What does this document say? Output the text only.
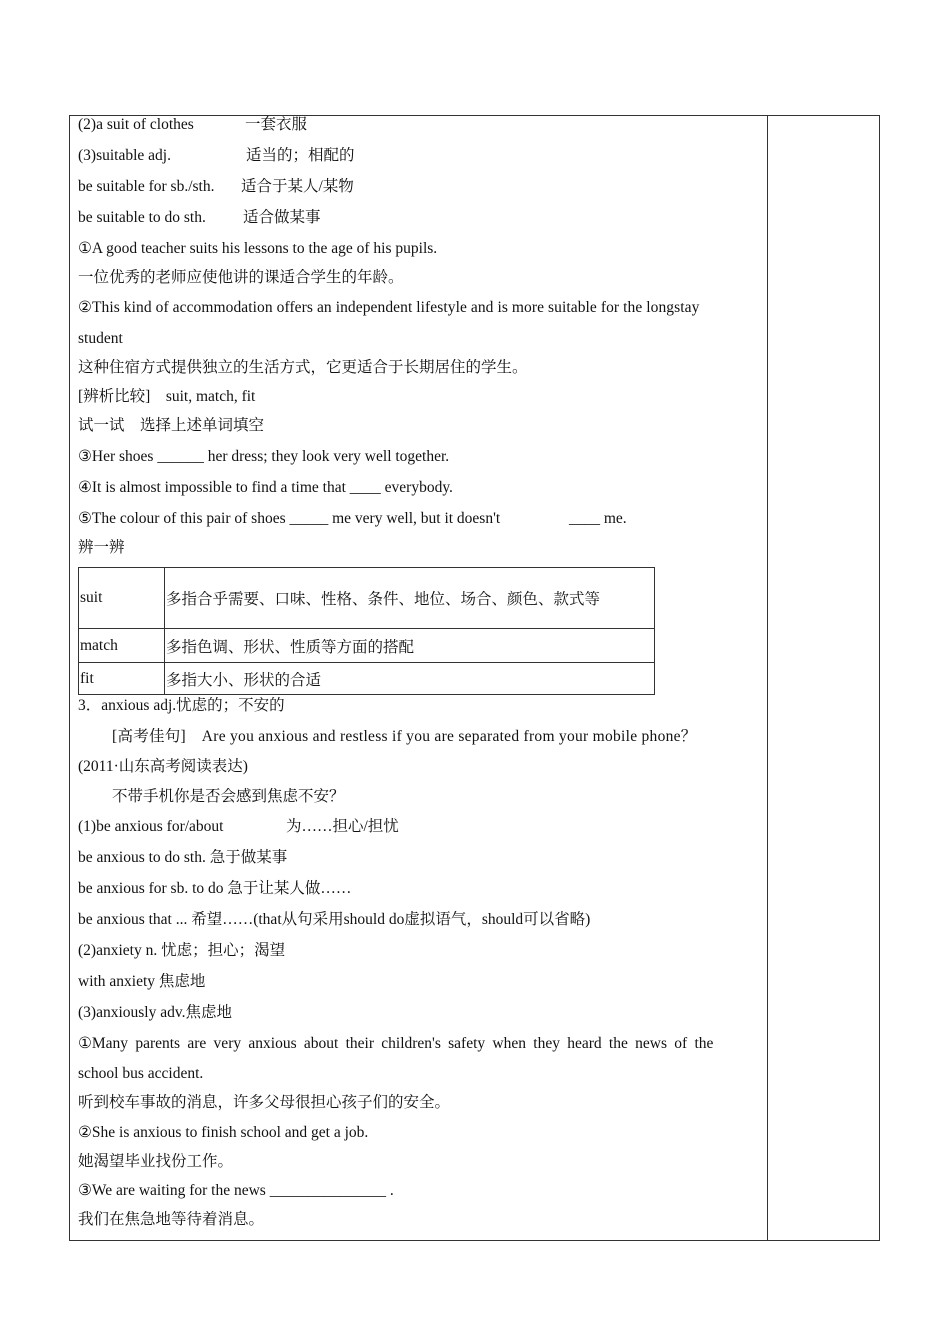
(2)a suit of clothes	一套衣服
(3)suitable adj.	适当的；相配的
be suitable for sb./sth. 适合于某人/某物
be suitable to do sth. 适合做某事
①A good teacher suits his lessons to the age of his pupils.
一位优秀的老师应使他讲的课适合学生的年龄。
②This kind of accommodation offers an independent lifestyle and is more suitable for the longstay
student
这种住宿方式提供独立的生活方式，它更适合于长期居住的学生。
[辨析比较]　suit, match, fit
试一试　选择上述单词填空
③Her shoes ______ her dress; they look very well together.
④It is almost impossible to find a time that ____ everybody.
⑤The colour of this pair of shoes _____ me very well, but it doesn't	____ me.
辨一辨
suit	多指合乎需要、口味、性格、条件、地位、场合、颜色、款式等
match	多指色调、形状、性质等方面的搭配
fit	多指大小、形状的合适
3．anxious adj.忧虑的；不安的
[高考佳句]　Are you anxious and restless if you are separated from your mobile phone？
(2011·山东高考阅读表达)
不带手机你是否会感到焦虑不安？
(1)be anxious for/about	为……担心/担忧
be anxious to do sth. 急于做某事
be anxious for sb. to do 急于让某人做……
be anxious that ... 希望……(that从句采用should do虚拟语气，should可以省略)
(2)anxiety n. 忧虑；担心；渴望
with anxiety 焦虑地
(3)anxiously adv.焦虑地
①Many parents are very anxious about their children's safety when they heard the news of the
school bus accident.
听到校车事故的消息，许多父母很担心孩子们的安全。
②She is anxious to finish school and get a job.
她渴望毕业找份工作。
③We are waiting for the news _______________ .
我们在焦急地等待着消息。
